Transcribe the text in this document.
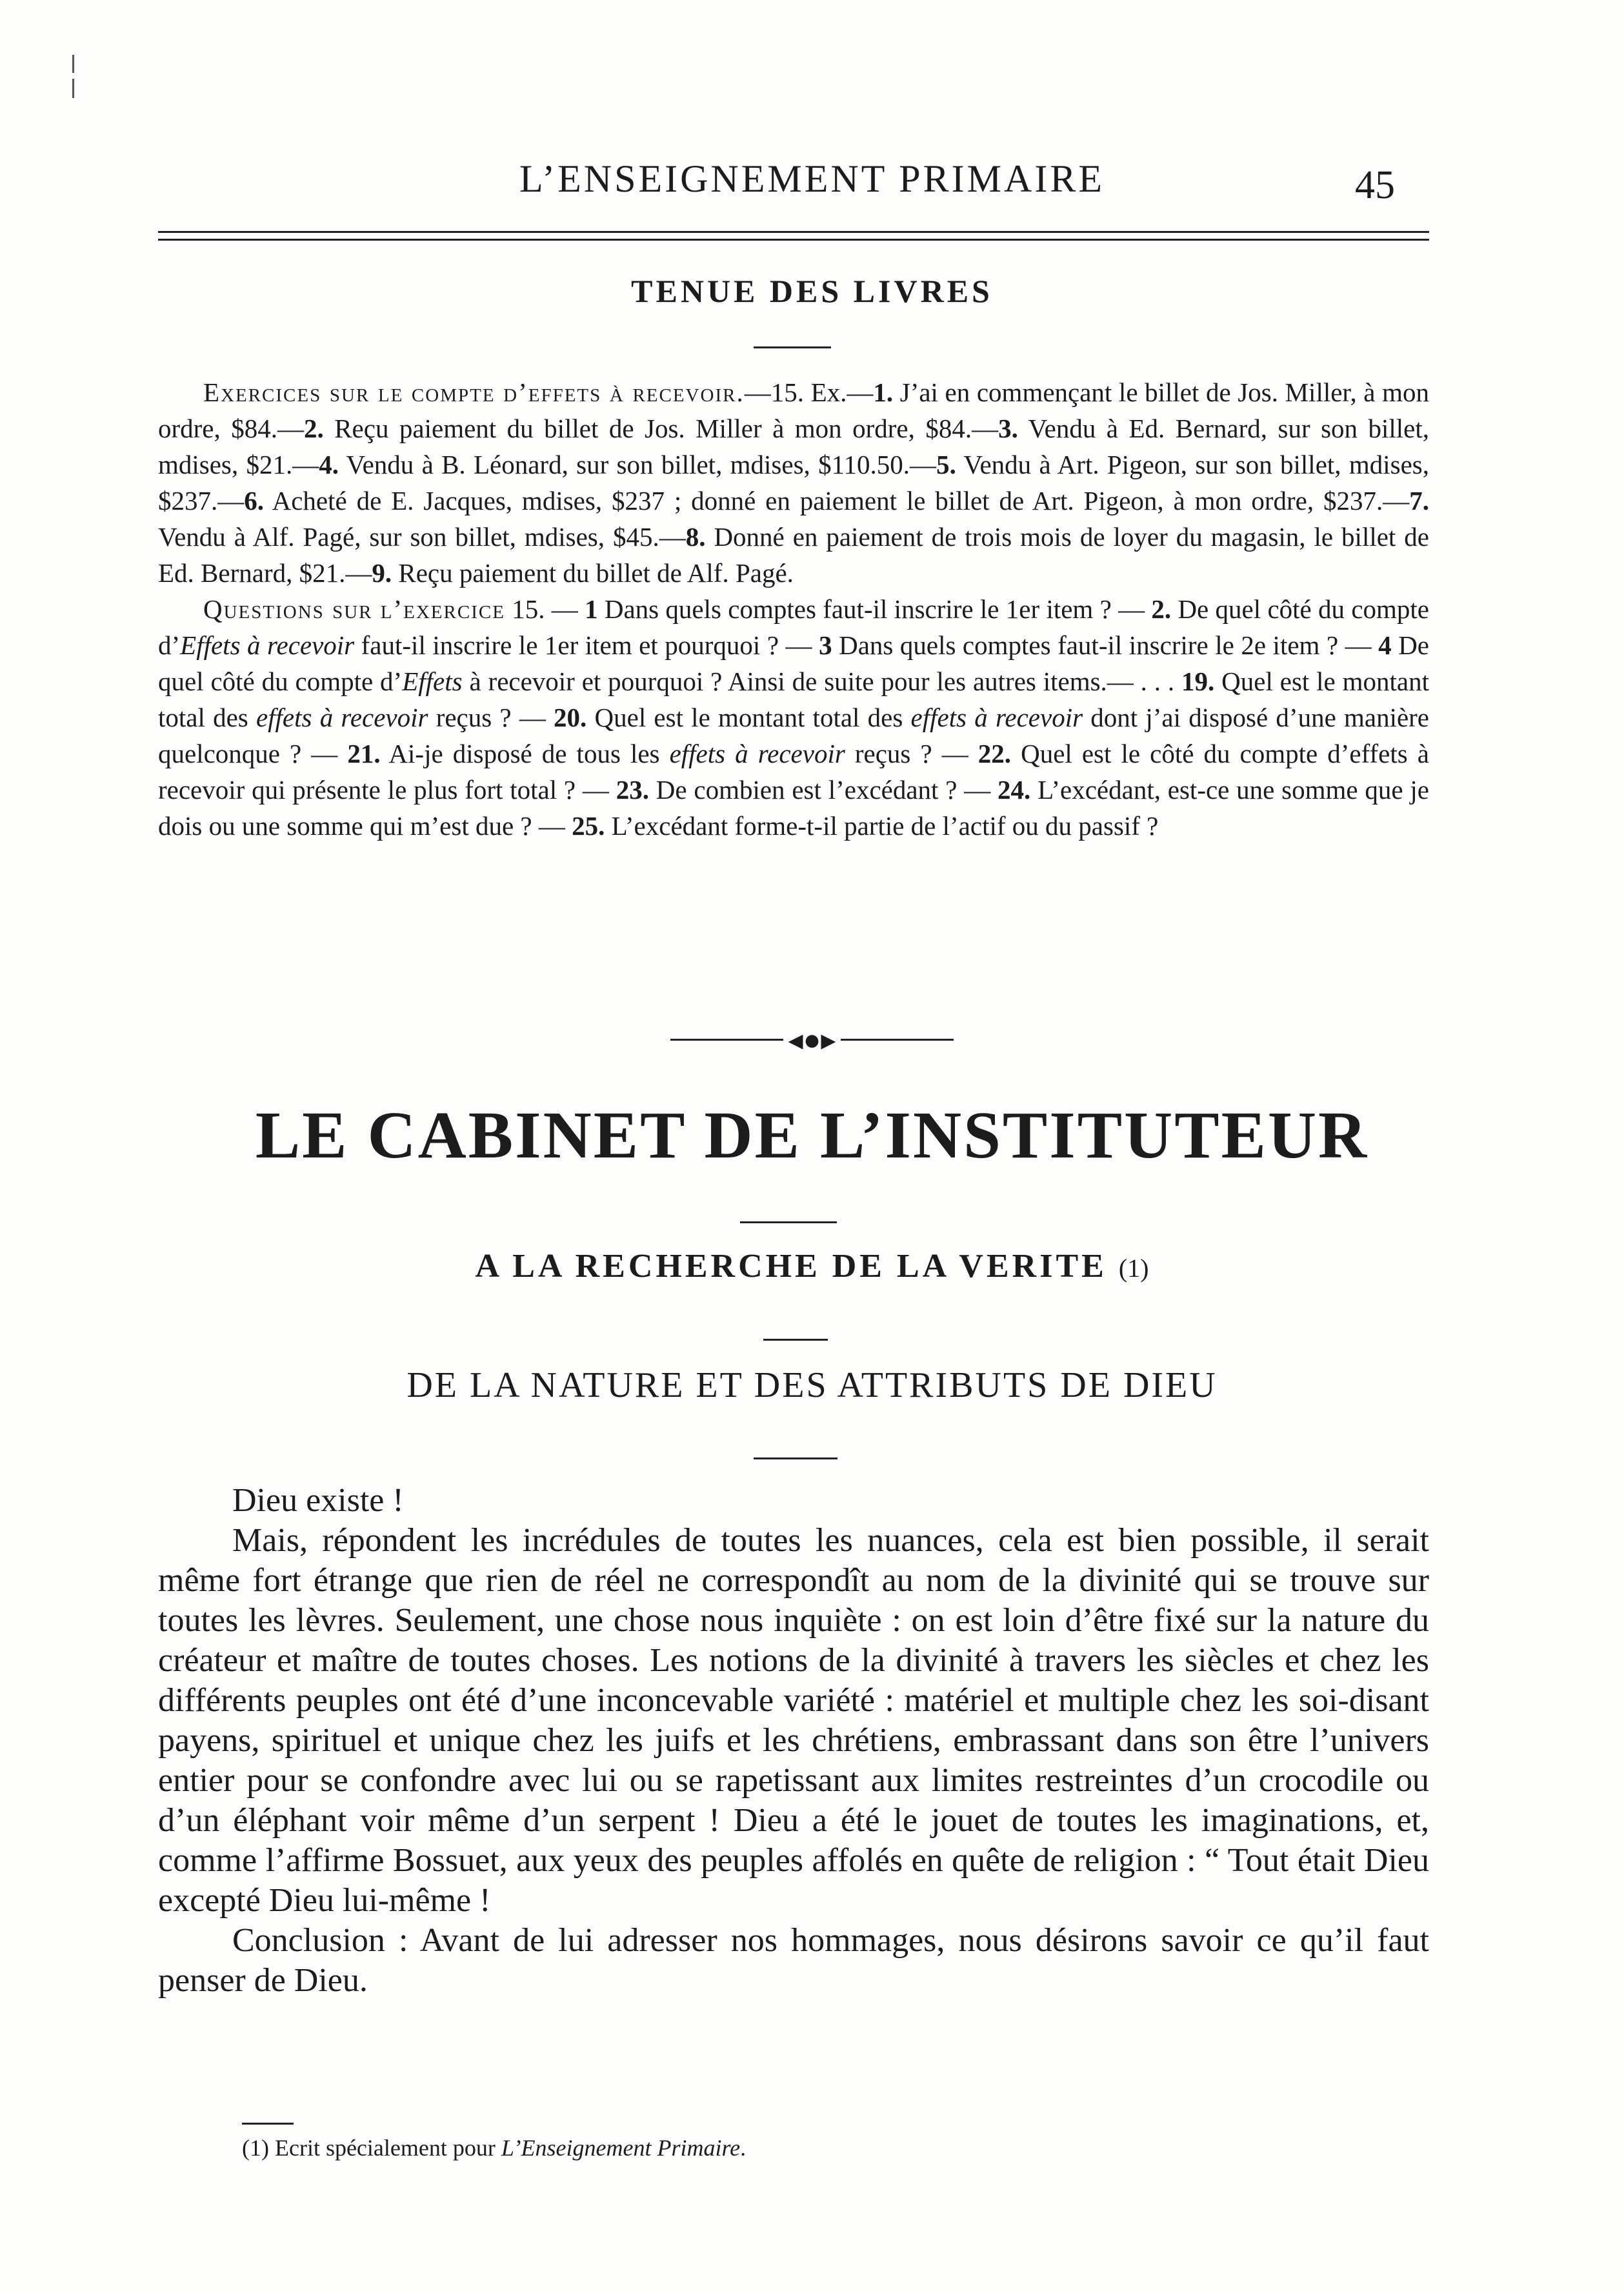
L’ENSEIGNEMENT PRIMAIRE	45
TENUE DES LIVRES

Exercices sur le compte d’effets à recevoir.—15. Ex.—1. J’ai en commençant le billet de Jos. Miller, à mon ordre, $84.—2. Reçu paiement du billet de Jos. Miller à mon ordre, $84.—3. Vendu à Ed. Bernard, sur son billet, mdises, $21.—4. Vendu à B. Léonard, sur son billet, mdises, $110.50.—5. Vendu à Art. Pigeon, sur son billet, mdises, $237.—6. Acheté de E. Jacques, mdises, $237 ; donné en paiement le billet de Art. Pigeon, à mon ordre, $237.—7. Vendu à Alf. Pagé, sur son billet, mdises, $45.—8. Donné en paiement de trois mois de loyer du magasin, le billet de Ed. Bernard, $21.—9. Reçu paiement du billet de Alf. Pagé.

Questions sur l’exercice 15. — 1 Dans quels comptes faut-il inscrire le 1er item ? — 2. De quel côté du compte d’Effets à recevoir faut-il inscrire le 1er item et pourquoi ? — 3 Dans quels comptes faut-il inscrire le 2e item ? — 4 De quel côté du compte d’Effets à recevoir et pourquoi ? Ainsi de suite pour les autres items.— . . . 19. Quel est le montant total des effets à recevoir reçus ? — 20. Quel est le montant total des effets à recevoir dont j’ai disposé d’une manière quelconque ? — 21. Ai-je disposé de tous les effets à recevoir reçus ? — 22. Quel est le côté du compte d’effets à recevoir qui présente le plus fort total ? — 23. De combien est l’excédant ? — 24. L’excédant, est-ce une somme que je dois ou une somme qui m’est due ? — 25. L’excédant forme-t-il partie de l’actif ou du passif ?

◂●▸
LE CABINET DE L’INSTITUTEUR
A LA RECHERCHE DE LA VERITE (1)
DE LA NATURE ET DES ATTRIBUTS DE DIEU

Dieu existe !

Mais, répondent les incrédules de toutes les nuances, cela est bien possible, il serait même fort étrange que rien de réel ne correspondît au nom de la divinité qui se trouve sur toutes les lèvres. Seulement, une chose nous inquiète : on est loin d’être fixé sur la nature du créateur et maître de toutes choses. Les notions de la divinité à travers les siècles et chez les différents peuples ont été d’une inconcevable variété : matériel et multiple chez les soi-disant payens, spirituel et unique chez les juifs et les chrétiens, embrassant dans son être l’univers entier pour se confondre avec lui ou se rapetissant aux limites restreintes d’un crocodile ou d’un éléphant voir même d’un serpent ! Dieu a été le jouet de toutes les imaginations, et, comme l’affirme Bossuet, aux yeux des peuples affolés en quête de religion : “ Tout était Dieu excepté Dieu lui-même !

Conclusion : Avant de lui adresser nos hommages, nous désirons savoir ce qu’il faut penser de Dieu.

(1) Ecrit spécialement pour L’Enseignement Primaire.
